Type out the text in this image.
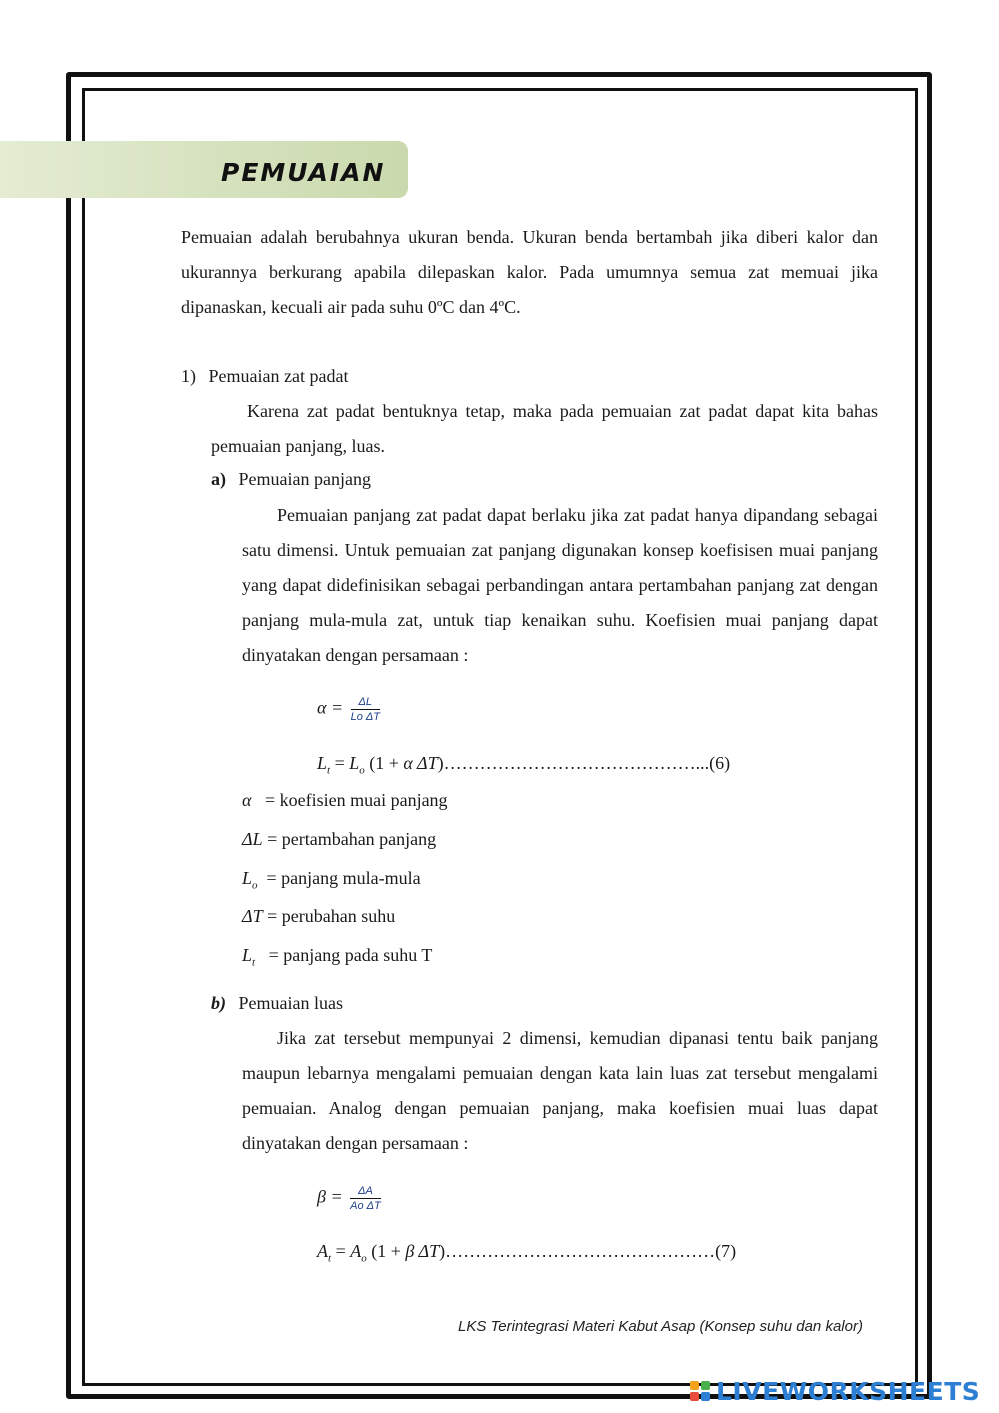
PEMUAIAN

Pemuaian adalah berubahnya ukuran benda. Ukuran benda bertambah jika diberi kalor dan ukurannya berkurang apabila dilepaskan kalor. Pada umumnya semua zat memuai jika dipanaskan, kecuali air pada suhu 0ºC dan 4ºC.

1) Pemuaian zat padat

Karena zat padat bentuknya tetap, maka pada pemuaian zat padat dapat kita bahas pemuaian panjang, luas.

a) Pemuaian panjang

Pemuaian panjang zat padat dapat berlaku jika zat padat hanya dipandang sebagai satu dimensi. Untuk pemuaian zat panjang digunakan konsep koefisisen muai panjang yang dapat didefinisikan sebagai perbandingan antara pertambahan panjang zat dengan panjang mula-mula zat, untuk tiap kenaikan suhu. Koefisien muai panjang dapat dinyatakan dengan persamaan :

$\alpha = \frac{\Delta L}{\text{Lo ΔT}}$
$L_t = L_o$ (1 + α ΔT)……………………………………...(6)
α = koefisien muai panjang
ΔL = pertambahan panjang
$L_o$ = panjang mula-mula
ΔT = perubahan suhu
$L_t$ = panjang pada suhu T
b) Pemuaian luas

Jika zat tersebut mempunyai 2 dimensi, kemudian dipanasi tentu baik panjang maupun lebarnya mengalami pemuaian dengan kata lain luas zat tersebut mengalami pemuaian. Analog dengan pemuaian panjang, maka koefisien muai luas dapat dinyatakan dengan persamaan :

$\beta = \frac{\Delta A}{\text{Ao ΔT}}$
$A_t = A_o$ (1 + β ΔT)………………………………………(7)
LKS Terintegrasi Materi Kabut Asap (Konsep suhu dan kalor)
LIVEWORKSHEETS
